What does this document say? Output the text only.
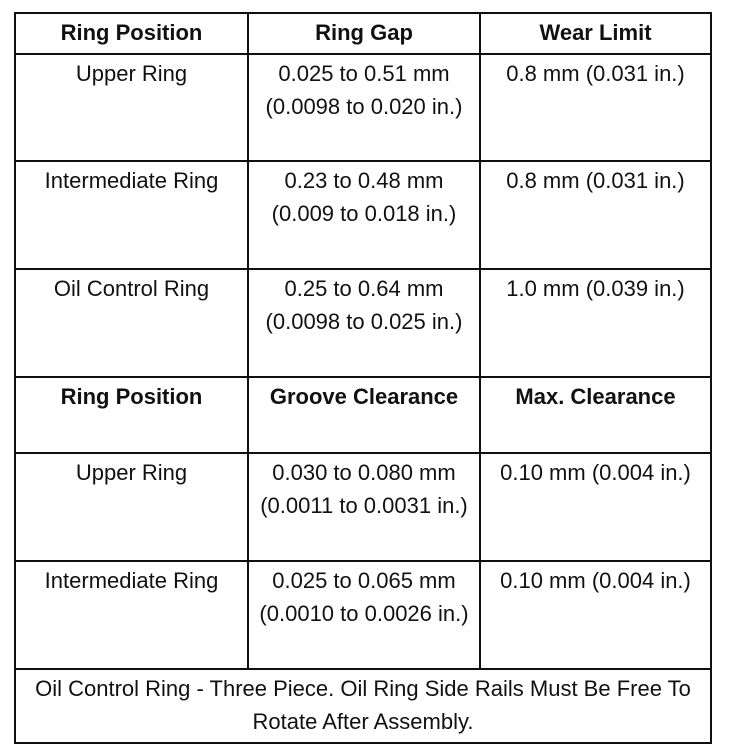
Ring Position	Ring Gap	Wear Limit
Upper Ring	0.025 to 0.51 mm (0.0098 to 0.020 in.)	0.8 mm (0.031 in.)
Intermediate Ring	0.23 to 0.48 mm (0.009 to 0.018 in.)	0.8 mm (0.031 in.)
Oil Control Ring	0.25 to 0.64 mm (0.0098 to 0.025 in.)	1.0 mm (0.039 in.)
Ring Position	Groove Clearance	Max. Clearance
Upper Ring	0.030 to 0.080 mm (0.0011 to 0.0031 in.)	0.10 mm (0.004 in.)
Intermediate Ring	0.025 to 0.065 mm (0.0010 to 0.0026 in.)	0.10 mm (0.004 in.)
Oil Control Ring - Three Piece. Oil Ring Side Rails Must Be Free To Rotate After Assembly.		
